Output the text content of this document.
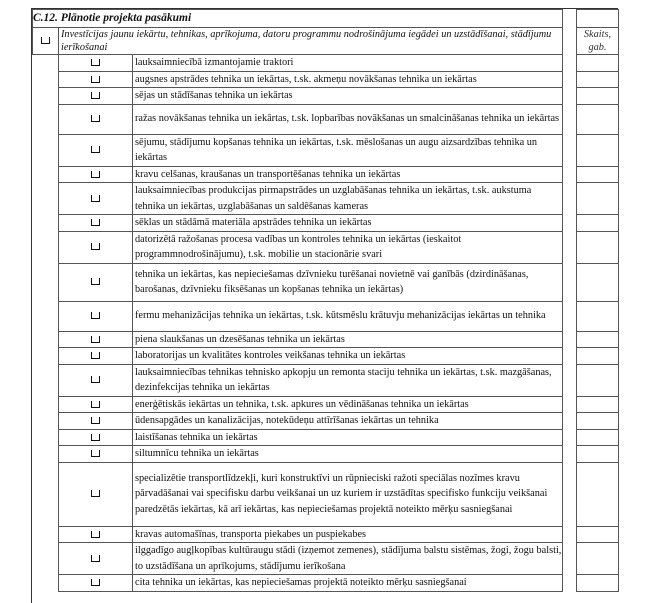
C.12. Plānotie projekta pasākumi				
	Investīcijas jaunu iekārtu, tehnikas, aprīkojuma, datoru programmu nodrošinājuma iegādei un uzstādīšanai, stādījumu ierīkošanai			Skaits, gab.
		lauksaimniecībā izmantojamie traktori		
		augsnes apstrādes tehnika un iekārtas, t.sk. akmeņu novākšanas tehnika un iekārtas		
		sējas un stādīšanas tehnika un iekārtas		
		ražas novākšanas tehnika un iekārtas, t.sk. lopbarības novākšanas un smalcināšanas tehnika un iekārtas		
		sējumu, stādījumu kopšanas tehnika un iekārtas, t.sk. mēslošanas un augu aizsardzības tehnika un iekārtas		
		kravu celšanas, kraušanas un transportēšanas tehnika un iekārtas		
		lauksaimniecības produkcijas pirmapstrādes un uzglabāšanas tehnika un iekārtas, t.sk. aukstuma tehnika un iekārtas, uzglabāšanas un saldēšanas kameras		
		sēklas un stādāmā materiāla apstrādes tehnika un iekārtas		
		datorizētā ražošanas procesa vadības un kontroles tehnika un iekārtas (ieskaitot programmnodrošinājumu), t.sk. mobilie un stacionārie svari		
		tehnika un iekārtas, kas nepieciešamas dzīvnieku turēšanai novietnē vai ganībās (dzirdināšanas, barošanas, dzīvnieku fiksēšanas un kopšanas tehnika un iekārtas)		
		fermu mehanizācijas tehnika un iekārtas, t.sk. kūtsmēslu krātuvju mehanizācijas iekārtas un tehnika		
		piena slaukšanas un dzesēšanas tehnika un iekārtas		
		laboratorijas un kvalitātes kontroles veikšanas tehnika un iekārtas		
		lauksaimniecības tehnikas tehnisko apkopju un remonta staciju tehnika un iekārtas, t.sk. mazgāšanas, dezinfekcijas tehnika un iekārtas		
		enerģētiskās iekārtas un tehnika, t.sk. apkures un vēdināšanas tehnika un iekārtas		
		ūdensapgādes un kanalizācijas, notekūdeņu attīrīšanas iekārtas un tehnika		
		laistīšanas tehnika un iekārtas		
		siltumnīcu tehnika un iekārtas		
		specializētie transportlīdzekļi, kuri konstruktīvi un rūpnieciski ražoti speciālas nozīmes kravu pārvadāšanai vai specifisku darbu veikšanai un uz kuriem ir uzstādītas specifisko funkciju veikšanai paredzētās iekārtas, kā arī iekārtas, kas nepieciešamas projektā noteikto mērķu sasniegšanai		
		kravas automašīnas, transporta piekabes un puspiekabes		
		ilggadīgo augļkopības kultūraugu stādi (izņemot zemenes), stādījuma balstu sistēmas, žogi, žogu balsti, to uzstādīšana un aprīkojums, stādījumu ierīkošana		
		cita tehnika un iekārtas, kas nepieciešamas projektā noteikto mērķu sasniegšanai		
